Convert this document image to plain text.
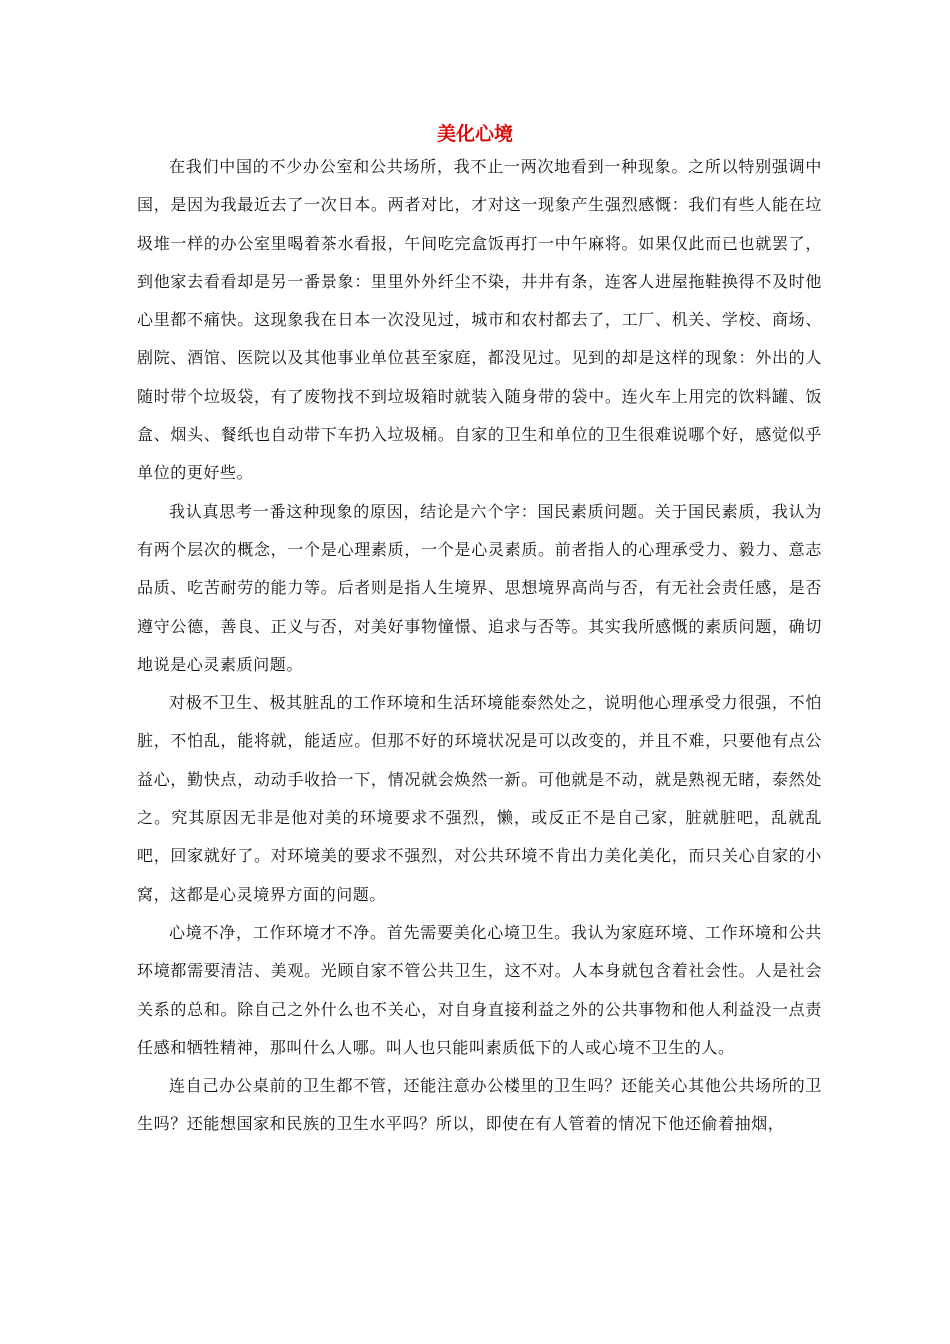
美化心境

在我们中国的不少办公室和公共场所，我不止一两次地看到一种现象。之所以特别强调中国，是因为我最近去了一次日本。两者对比，才对这一现象产生强烈感慨：我们有些人能在垃圾堆一样的办公室里喝着茶水看报，午间吃完盒饭再打一中午麻将。如果仅此而已也就罢了，到他家去看看却是另一番景象：里里外外纤尘不染，井井有条，连客人进屋拖鞋换得不及时他心里都不痛快。这现象我在日本一次没见过，城市和农村都去了，工厂、机关、学校、商场、剧院、酒馆、医院以及其他事业单位甚至家庭，都没见过。见到的却是这样的现象：外出的人随时带个垃圾袋，有了废物找不到垃圾箱时就装入随身带的袋中。连火车上用完的饮料罐、饭盒、烟头、餐纸也自动带下车扔入垃圾桶。自家的卫生和单位的卫生很难说哪个好，感觉似乎单位的更好些。

我认真思考一番这种现象的原因，结论是六个字：国民素质问题。关于国民素质，我认为有两个层次的概念，一个是心理素质，一个是心灵素质。前者指人的心理承受力、毅力、意志品质、吃苦耐劳的能力等。后者则是指人生境界、思想境界高尚与否，有无社会责任感，是否遵守公德，善良、正义与否，对美好事物憧憬、追求与否等。其实我所感慨的素质问题，确切地说是心灵素质问题。

对极不卫生、极其脏乱的工作环境和生活环境能泰然处之，说明他心理承受力很强，不怕脏，不怕乱，能将就，能适应。但那不好的环境状况是可以改变的，并且不难，只要他有点公益心，勤快点，动动手收拾一下，情况就会焕然一新。可他就是不动，就是熟视无睹，泰然处之。究其原因无非是他对美的环境要求不强烈，懒，或反正不是自己家，脏就脏吧，乱就乱吧，回家就好了。对环境美的要求不强烈，对公共环境不肯出力美化美化，而只关心自家的小窝，这都是心灵境界方面的问题。

心境不净，工作环境才不净。首先需要美化心境卫生。我认为家庭环境、工作环境和公共环境都需要清洁、美观。光顾自家不管公共卫生，这不对。人本身就包含着社会性。人是社会关系的总和。除自己之外什么也不关心，对自身直接利益之外的公共事物和他人利益没一点责任感和牺牲精神，那叫什么人哪。叫人也只能叫素质低下的人或心境不卫生的人。

连自己办公桌前的卫生都不管，还能注意办公楼里的卫生吗？还能关心其他公共场所的卫生吗？还能想国家和民族的卫生水平吗？所以，即使在有人管着的情况下他还偷着抽烟，
